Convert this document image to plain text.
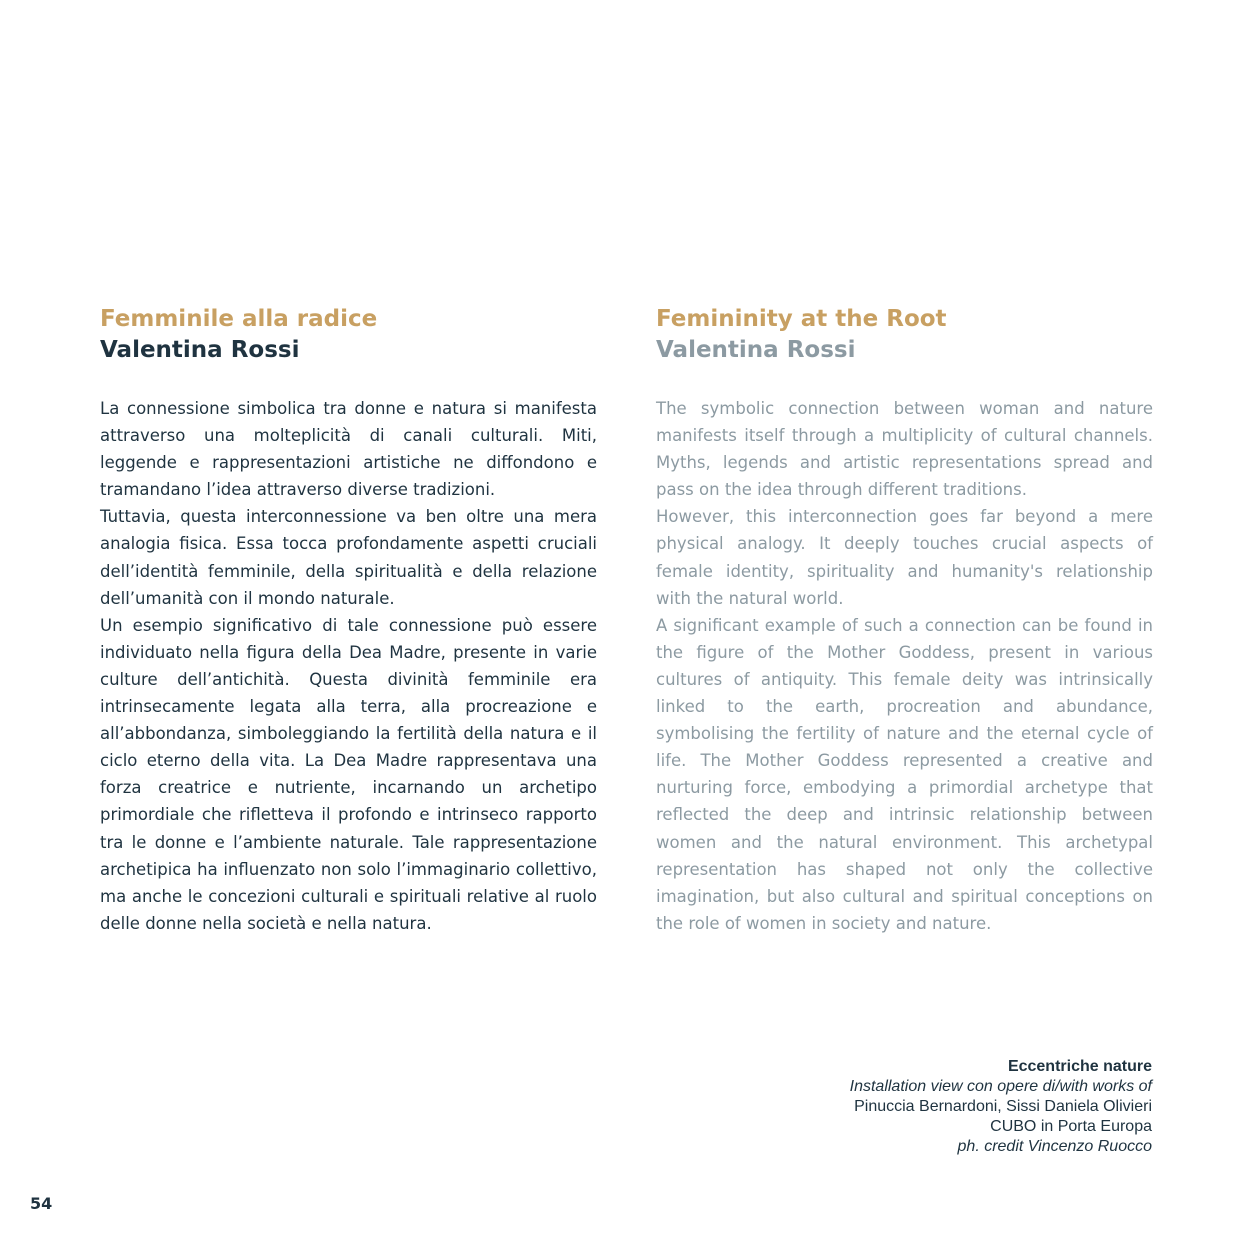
Femminile alla radice
Valentina Rossi

La connessione simbolica tra donne e natura si manifesta attraverso una molteplicità di canali culturali. Miti, leggende e rappresentazioni artistiche ne diffondono e tramandano l’idea attraverso diverse tradizioni.

Tuttavia, questa interconnessione va ben oltre una mera analogia fisica. Essa tocca profondamente aspetti cruciali dell’identità femminile, della spiritualità e della relazione dell’umanità con il mondo naturale.

Un esempio significativo di tale connessione può essere individuato nella figura della Dea Madre, presente in varie culture dell’antichità. Questa divinità femminile era intrinsecamente legata alla terra, alla procreazione e all’abbondanza, simboleggiando la fertilità della natura e il ciclo eterno della vita. La Dea Madre rappresentava una forza creatrice e nutriente, incarnando un archetipo primordiale che rifletteva il profondo e intrinseco rapporto tra le donne e l’ambiente naturale. Tale rappresentazione archetipica ha influenzato non solo l’immaginario collettivo, ma anche le concezioni culturali e spirituali relative al ruolo delle donne nella società e nella natura.

Femininity at the Root
Valentina Rossi

The symbolic connection between woman and nature manifests itself through a multiplicity of cultural channels. Myths, legends and artistic representations spread and pass on the idea through different traditions.

However, this interconnection goes far beyond a mere physical analogy. It deeply touches crucial aspects of female identity, spirituality and humanity's relationship with the natural world.

A significant example of such a connection can be found in the figure of the Mother Goddess, present in various cultures of antiquity. This female deity was intrinsically linked to the earth, procreation and abundance, symbolising the fertility of nature and the eternal cycle of life. The Mother Goddess represented a creative and nurturing force, embodying a primordial archetype that reflected the deep and intrinsic relationship between women and the natural environment. This archetypal representation has shaped not only the collective imagination, but also cultural and spiritual conceptions on the role of women in society and nature.

Eccentriche nature
Installation view con opere di/with works of
Pinuccia Bernardoni, Sissi Daniela Olivieri
CUBO in Porta Europa
ph. credit Vincenzo Ruocco
54
